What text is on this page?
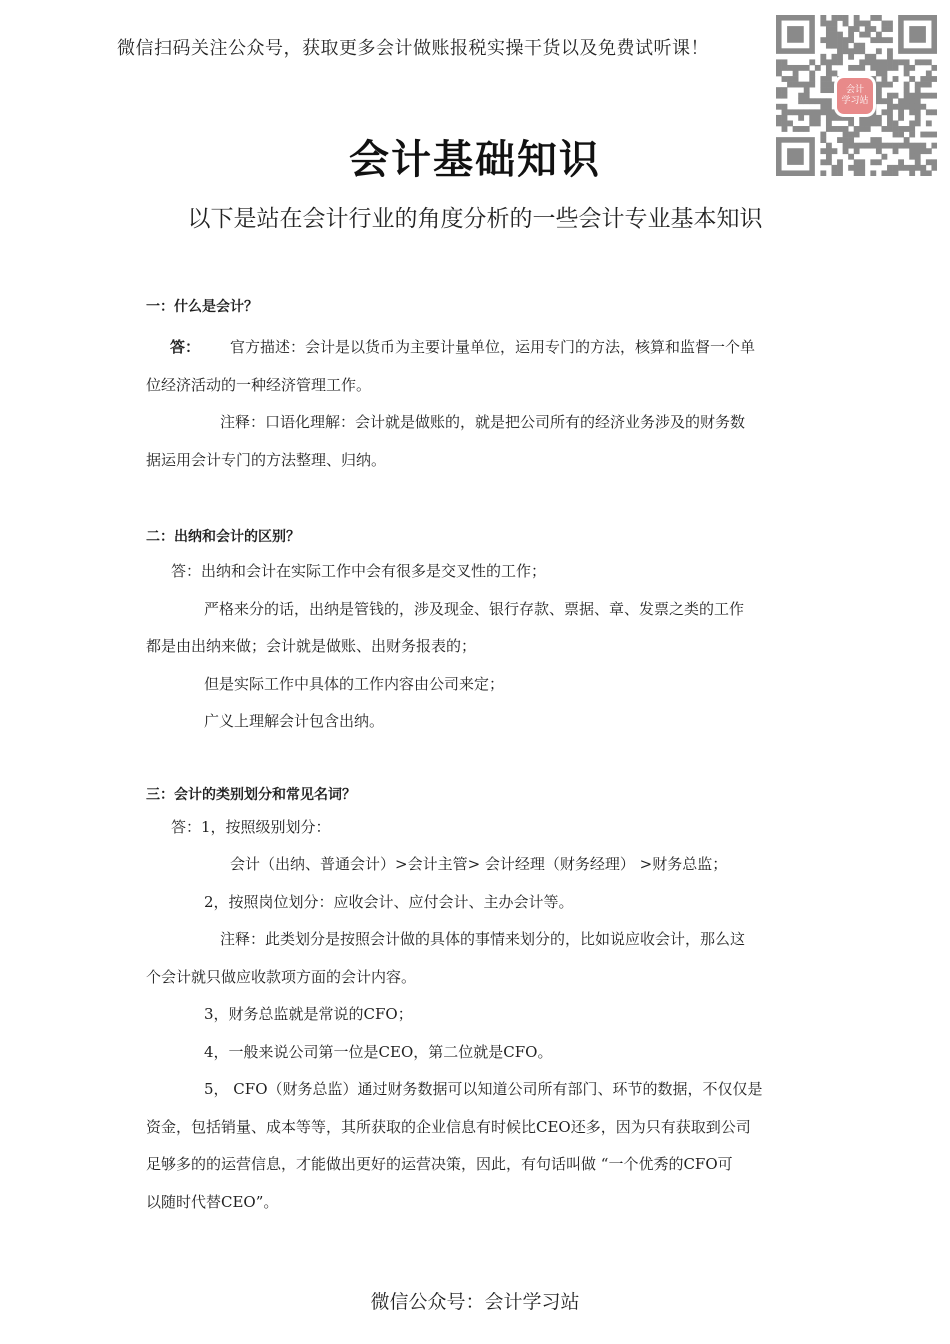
微信扫码关注公众号，获取更多会计做账报税实操干货以及免费试听课！
会计
学习站
会计基础知识
以下是站在会计行业的角度分析的一些会计专业基本知识

一：什么是会计？

答： 官方描述：会计是以货币为主要计量单位，运用专门的方法，核算和监督一个单

位经济活动的一种经济管理工作。

注释：口语化理解：会计就是做账的，就是把公司所有的经济业务涉及的财务数

据运用会计专门的方法整理、归纳。

二：出纳和会计的区别？

答：出纳和会计在实际工作中会有很多是交叉性的工作；

严格来分的话，出纳是管钱的，涉及现金、银行存款、票据、章、发票之类的工作

都是由出纳来做；会计就是做账、出财务报表的；

但是实际工作中具体的工作内容由公司来定；

广义上理解会计包含出纳。

三：会计的类别划分和常见名词？

答：1，按照级别划分：

会计（出纳、普通会计）>会计主管> 会计经理（财务经理） >财务总监；

2，按照岗位划分：应收会计、应付会计、主办会计等。

注释：此类划分是按照会计做的具体的事情来划分的，比如说应收会计，那么这

个会计就只做应收款项方面的会计内容。

3，财务总监就是常说的CFO；

4，一般来说公司第一位是CEO，第二位就是CFO。

5， CFO（财务总监）通过财务数据可以知道公司所有部门、环节的数据，不仅仅是

资金，包括销量、成本等等，其所获取的企业信息有时候比CEO还多，因为只有获取到公司

足够多的的运营信息，才能做出更好的运营决策，因此，有句话叫做 “一个优秀的CFO可

以随时代替CEO”。

微信公众号：会计学习站
